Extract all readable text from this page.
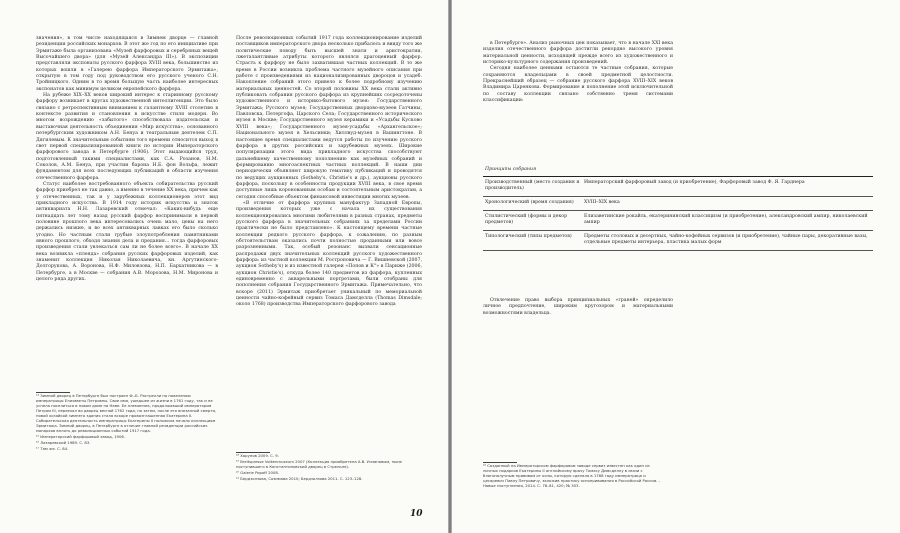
значения», в том числе находящаяся в Зимнем дворце — главной резиденции российских монархов. В этот же год по его инициативе при Эрмитаже была организована «Музей фарфоровых и серебряных вещей Высочайшего двора» (для «Музей Александра III»). В экспозиции представляли экспонаты русского фарфора XVIII века, большинство из которых вошли в «Галерею фарфора Императорского Эрмитажа», открытую в том году под руководством его русского ученого С.Н. Тройницкого. Одним в то время большую часть наиболее интересных экспонатов как минимум целиком европейского фарфора.

На рубеже XIX–XX веков широкий интерес к старинному русскому фарфору возникает в кругах художественной интеллигенции. Это было связано с ретроспективным вниманием к галантному XVIII столетию в контексте развития и становления в искусстве стиля модерн. Во многом возрождению «забытого» способствовала издательская и выставочная деятельность объединения «Мир искусства», основанного петербургским художником А.Н. Бенуа и театральным деятелем С.П. Дягилевым. К значительным событиям того времени относится выход в свет первой специализированной книги по истории Императорского фарфорового завода в Петербурге (1906). Этот выдающийся труд, подготовленный такими специалистами, как С.А. Розанов, Н.М. Соколов, А.М. Бенуа, при участии барона Н.Б. фон Вольфа, лежит фундаментом для всех последующих публикаций в области изучения отечественного фарфора.

Статус наиболее востребованного объекта собирательства русский фарфор приобрел не так давно, а именно в течение XX века, причем как у отечественных, так и у зарубежных коллекционеров этот вид прикладного искусства. В 1914 году историк искусства и знаток антиквариата Н.Н. Лазаревский отмечал: «Каких-нибудь еще пятнадцать лет тому назад русский фарфор воспринимали в первой половине прошлого века интересовались очень мало, цены на него держались низкие, и во всех антикварных лавках его было сколько угодно. Но частным стали грубые злоупотребления памятниками явного прошлого, обходя знания дела и предания... тогда фарфоровых произведения стали увлекаться сам ли не более всего». В начале XX века возникла «плеяда» собрания русских фарфоровых изделий, как знаменит коллекция Николая Николаевича, кн. Аргутинского-Долгорукова, А. Воронова, Н.Ф. Миловзова, Н.П. Бархатникова — в Петербурге, а в Москве — собрания А.В. Морозова, Н.М. Мироновa и целого ряда других.

¹⁴ Зимний дворец в Петербурге был построен Ф.-Б. Растрелли по повелению императрицы Елизаветы Петровны. Свое имя, ушедшее из жизни в 1761 году, так и не успела поселиться в новом доме на Неве. Ее племянник, продолжавший императором Петром III, переехал во дворец весной 1762 года, но затем, после его внезапной смерти, новой хозяйкой зимнего здания стала вскоре провозглашенная Екатерина II. Собирательская деятельность императрицы Екатерины II положила начало коллекциям Эрмитажа. Зимний дворец, в Петербурге в отличие главной резиденции российских монархов вплоть до революционных событий 1917 года.
¹⁵ Императорский фарфоровый завод, 1906.
¹⁶ Лазаревский 1989. С. 83.
¹⁷ Там же. С. 84.

После революционных событий 1917 года коллекционирование изделий поставщиков императорского двора несколько прибалось и ввиду того же политические поводу быть высшей знати и аристократии, лжеталантливые атрибуты которого являлся драгоценный фарфор. Страсть к фарфору не было захватившая частных коллекций. В то же время в России возникла проблема частного музейного описания при работе с произведениями из национализированных двороцов и усадеб. Накопление собраний этого привело к более подробному изучению материальных ценностей. Со второй половины XX века стали активно публиковать собрания русского фарфора из крупнейших сосредоточены художественного и историко-бытового музея: Государственного Эрмитажа; Русского музея; Государственных дворцово-музеев Гатчины, Павловска, Петергофа, Царского Села; Государственного исторического музея в Москве; Государственного музея керамики и «Усадьбы Кусково XVIII века»; Государственного музея-усадьбы «Архангельское»; Национального музея в Хельсинки; Хиллвуд-музея в Вашингтоне. В настоящее время специалистами ведутся работы по изучению русского фарфора в других российских и зарубежных музеях. Широкие популяризации этого вида прикладного искусства способствуют дальнейшему качественному пополнению как музейных собраний и формированию многоаспектных частных коллекций. В наши дни периодически объявляют широкую тематику публикаций и проводятся по ведущих аукционных (Sotheby's, Christie's и др.), аукционы русского фарфора, поскольку в особенности продукции XVIII века, в свое время доступные лишь коронованным особам и состоятельным аристократам, а сегодня способные объектом финансовой инвестиции многих музеев.

«В отличие от фарфора крупных мануфактур Западной Европы, произведения которых уже с начала их существования коллекционировались многими любителями в разных странах, предметы русского фарфора в значительных собраниях за пределами России практически не было представлено». К настоящему времени частные коллекции редкого русского фарфора, к сожалению, по разным обстоятельствам оказались почти полностью проданными или вовсе разрозненными. Так, особый резонанс вызвали сенсационные распродажи двух значительных коллекций русского художественного фарфора: из частной коллекции М. Ростроповича — Г. Вишневской (2007, аукцион Sotheby's) и из известной галереи «Попов и К°» в Париже (2006, аукцион Christie's), откуда более 140 предметов из фарфора, купленных единовременно с акварельными портретами, были отобраны для пополнения собрания Государственного Эрмитажа. Примечательно, что вскоре (2011) Эрмитаж приобретает уникальный по мемориальной ценности чайно-кофейный сервиз Томаса Дамсделла (Thomas Dimsdale; около 1768) производства Императорского фарфорового завода

¹⁸ Хорунов 2009. С. 9.
¹⁹ Breitspresse Volkenmuseum 2007 (Коллекция приобретена А.В. Усмановым, ныне поступившего в Константиновский дворец в Стрельне).
²⁰ Galerie Popoff 2008.
²¹ Бердзолзова, Созимова 2010; Бердзолзова 2011. С. 123–128.
10

в Петербурге». Анализ рыночных цен показывает, что в начале XXI века изделия отечественного фарфора достигли рекордно высокого уровня материальной ценности, исходящей прежде всего из художественного и историко-культурного содержания произведений.

Сегодня наиболее ценными остаются те частные собрания, которые сохраняются владельцами в своей предметной целостности. Прекраснейший образец — собрание русского фарфора XVIII–XIX веков Владимира Царенкова. Формирование и пополнение этой исключительной по составу коллекции связано собственно тремя системами классификации:

Принципы собрания	
Производственный (место создания и производитель)	Императорский фарфоровый завод (и приобретение), Фарфоровый завод Ф. Я. Гарднера
Хронологический (время создания)	XVIII–XIX века
Стилистический (формы и декор предметов)	Елизаветинские рокайль, екатерининский классицизм (и приобретение), александровский ампир, николаевский ампир
Типологический (типы предметов)	Предметы столовых и десертных, чайно-кофейных сервизов (и приобретение), чайные пары, декоративные вазы, отдельные предметы интерьера, пластика малых форм

Отвлечение право выбора принципиальных «граней» определило личное предпочтение, широким кругозором и материальными возможностями владельца.

²² Созданный на Императорском фарфоровом заводе сервиз известен как один из личных подарков Екатерины II английскому врачу Томасу Димсделлу в связи с благополучным прививом от оспы, которую сделала в 1768 году императрица и цесаревич Павлу Петровичу, заложив практику оспопрививания в Российской России. - Новые поступления, 2014. С. 78–81, 420; № 303.
